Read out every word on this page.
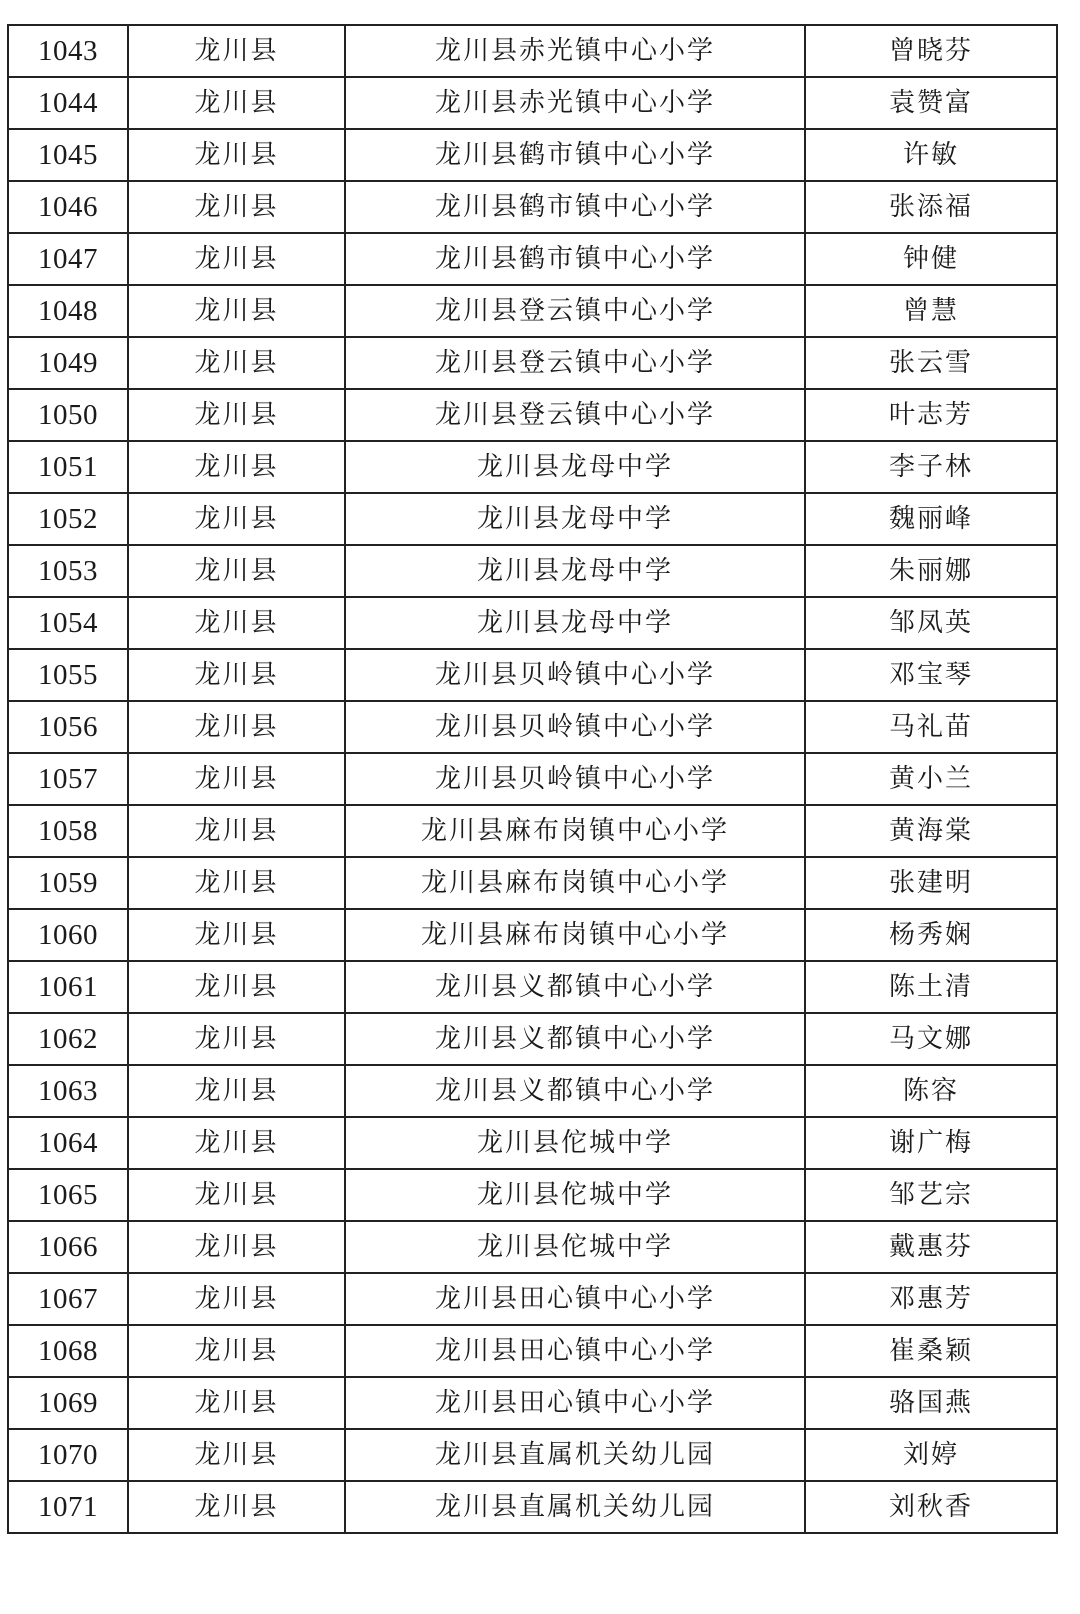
1043	龙川县	龙川县赤光镇中心小学	曾晓芬
1044	龙川县	龙川县赤光镇中心小学	袁赞富
1045	龙川县	龙川县鹤市镇中心小学	许敏
1046	龙川县	龙川县鹤市镇中心小学	张添福
1047	龙川县	龙川县鹤市镇中心小学	钟健
1048	龙川县	龙川县登云镇中心小学	曾慧
1049	龙川县	龙川县登云镇中心小学	张云雪
1050	龙川县	龙川县登云镇中心小学	叶志芳
1051	龙川县	龙川县龙母中学	李子林
1052	龙川县	龙川县龙母中学	魏丽峰
1053	龙川县	龙川县龙母中学	朱丽娜
1054	龙川县	龙川县龙母中学	邹凤英
1055	龙川县	龙川县贝岭镇中心小学	邓宝琴
1056	龙川县	龙川县贝岭镇中心小学	马礼苗
1057	龙川县	龙川县贝岭镇中心小学	黄小兰
1058	龙川县	龙川县麻布岗镇中心小学	黄海棠
1059	龙川县	龙川县麻布岗镇中心小学	张建明
1060	龙川县	龙川县麻布岗镇中心小学	杨秀娴
1061	龙川县	龙川县义都镇中心小学	陈土清
1062	龙川县	龙川县义都镇中心小学	马文娜
1063	龙川县	龙川县义都镇中心小学	陈容
1064	龙川县	龙川县佗城中学	谢广梅
1065	龙川县	龙川县佗城中学	邹艺宗
1066	龙川县	龙川县佗城中学	戴惠芬
1067	龙川县	龙川县田心镇中心小学	邓惠芳
1068	龙川县	龙川县田心镇中心小学	崔桑颖
1069	龙川县	龙川县田心镇中心小学	骆国燕
1070	龙川县	龙川县直属机关幼儿园	刘婷
1071	龙川县	龙川县直属机关幼儿园	刘秋香
